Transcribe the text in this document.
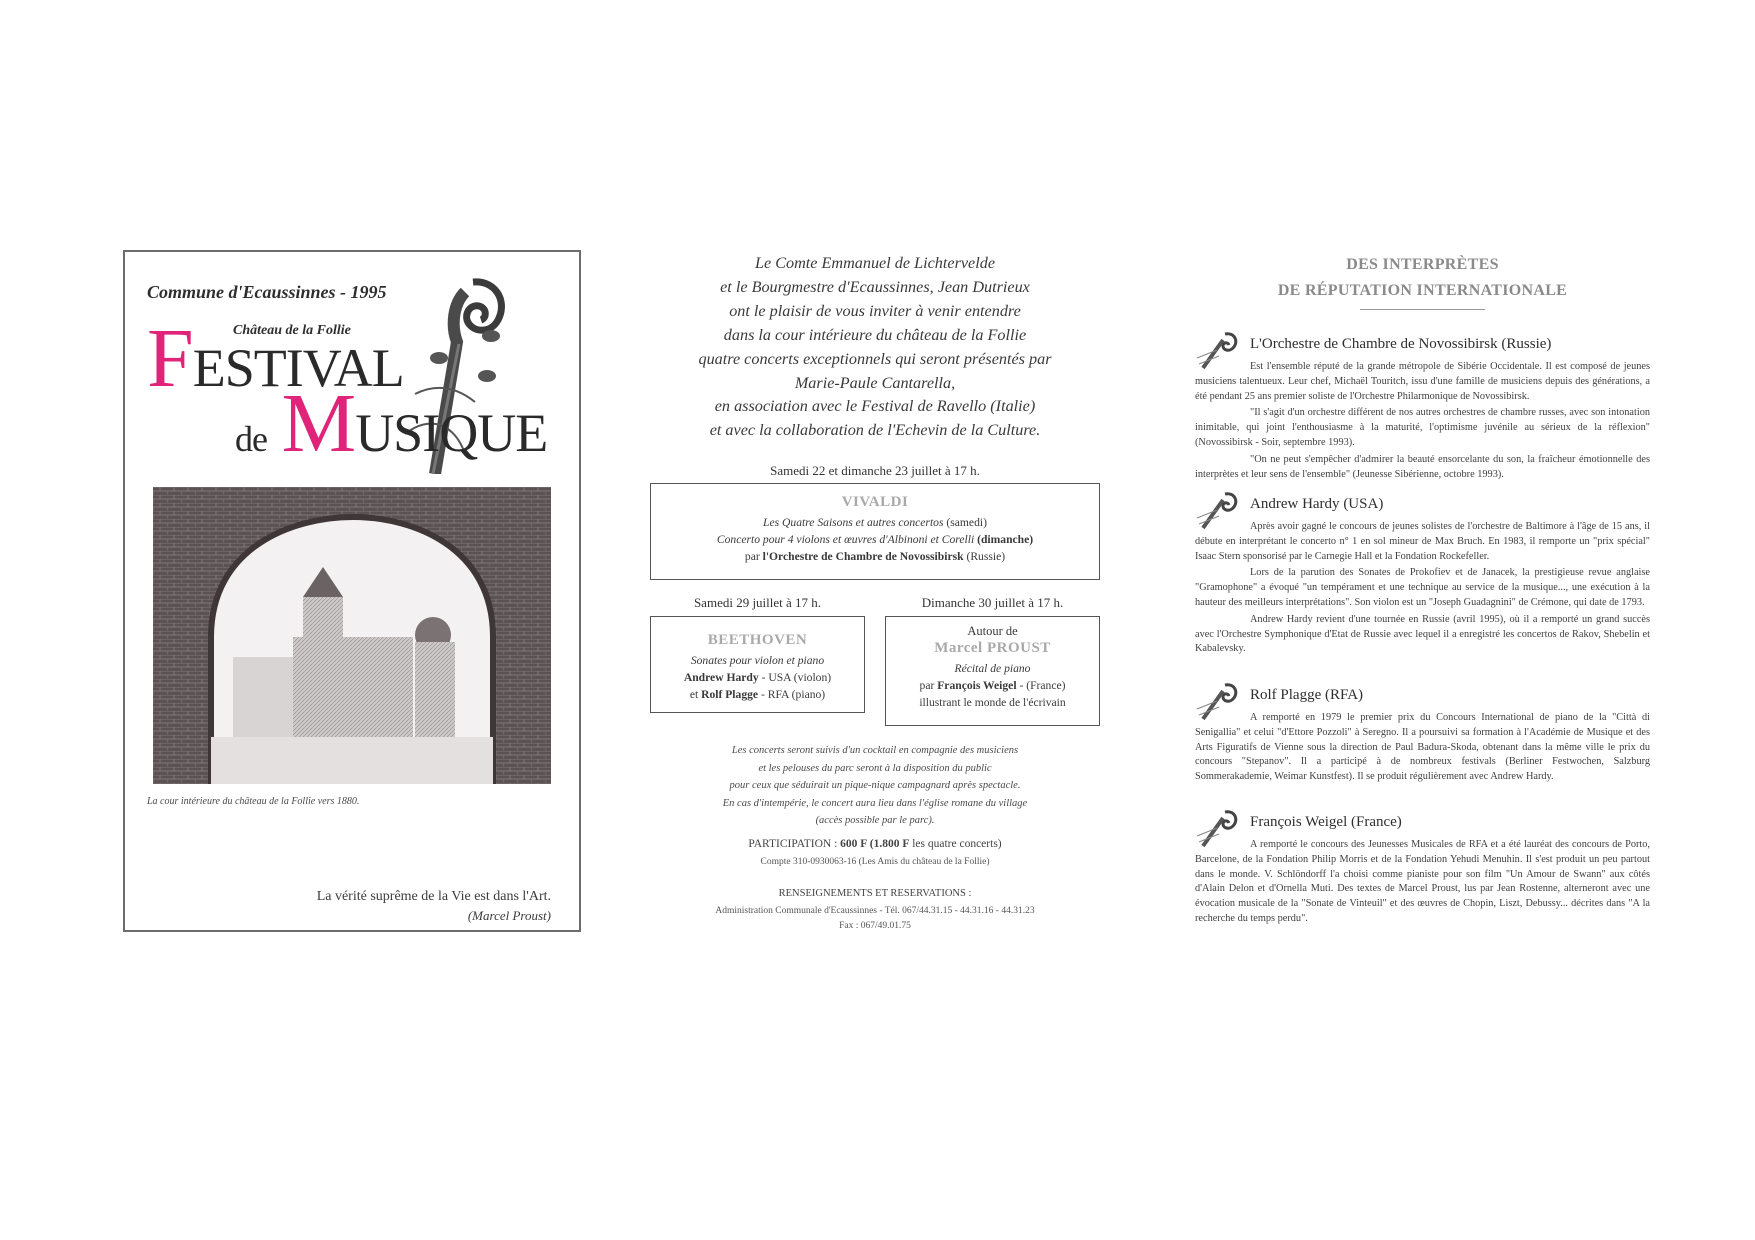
Commune d'Ecaussinnes - 1995
Château de la Follie
FESTIVAL
de MUSIQUE
La cour intérieure du château de la Follie vers 1880.
La vérité suprême de la Vie est dans l'Art.
(Marcel Proust)
Le Comte Emmanuel de Lichtervelde
et le Bourgmestre d'Ecaussinnes, Jean Dutrieux
ont le plaisir de vous inviter à venir entendre
dans la cour intérieure du château de la Follie
quatre concerts exceptionnels qui seront présentés par
Marie-Paule Cantarella,
en association avec le Festival de Ravello (Italie)
et avec la collaboration de l'Echevin de la Culture.
Samedi 22 et dimanche 23 juillet à 17 h.
VIVALDI
Les Quatre Saisons et autres concertos (samedi)
Concerto pour 4 violons et œuvres d'Albinoni et Corelli (dimanche)
par l'Orchestre de Chambre de Novossibirsk (Russie)
Samedi 29 juillet à 17 h.	Dimanche 30 juillet à 17 h.
BEETHOVEN
Sonates pour violon et piano
Andrew Hardy - USA (violon)
et Rolf Plagge - RFA (piano)
Autour de
Marcel PROUST
Récital de piano
par François Weigel - (France)
illustrant le monde de l'écrivain
Les concerts seront suivis d'un cocktail en compagnie des musiciens
et les pelouses du parc seront à la disposition du public
pour ceux que séduirait un pique-nique campagnard après spectacle.
En cas d'intempérie, le concert aura lieu dans l'église romane du village
(accès possible par le parc).
PARTICIPATION : 600 F (1.800 F les quatre concerts)
Compte 310-0930063-16 (Les Amis du château de la Follie)
RENSEIGNEMENTS ET RESERVATIONS :
Administration Communale d'Ecaussinnes - Tél. 067/44.31.15 - 44.31.16 - 44.31.23
Fax : 067/49.01.75
DES INTERPRÈTES
DE RÉPUTATION INTERNATIONALE
L'Orchestre de Chambre de Novossibirsk (Russie)

Est l'ensemble réputé de la grande métropole de Sibérie Occidentale. Il est composé de jeunes musiciens talentueux. Leur chef, Michaël Touritch, issu d'une famille de musiciens depuis des générations, a été pendant 25 ans premier soliste de l'Orchestre Philarmonique de Novossibirsk.

"Il s'agit d'un orchestre différent de nos autres orchestres de chambre russes, avec son intonation inimitable, qui joint l'enthousiasme à la maturité, l'optimisme juvénile au sérieux de la réflexion" (Novossibirsk - Soir, septembre 1993).

"On ne peut s'empêcher d'admirer la beauté ensorcelante du son, la fraîcheur émotionnelle des interprètes et leur sens de l'ensemble" (Jeunesse Sibérienne, octobre 1993).

Andrew Hardy (USA)

Après avoir gagné le concours de jeunes solistes de l'orchestre de Baltimore à l'âge de 15 ans, il débute en interprétant le concerto n° 1 en sol mineur de Max Bruch. En 1983, il remporte un "prix spécial" Isaac Stern sponsorisé par le Carnegie Hall et la Fondation Rockefeller.

Lors de la parution des Sonates de Prokofiev et de Janacek, la prestigieuse revue anglaise "Gramophone" a évoqué "un tempérament et une technique au service de la musique..., une exécution à la hauteur des meilleurs interprétations". Son violon est un "Joseph Guadagnini" de Crémone, qui date de 1793.

Andrew Hardy revient d'une tournée en Russie (avril 1995), où il a remporté un grand succès avec l'Orchestre Symphonique d'Etat de Russie avec lequel il a enregistré les concertos de Rakov, Shebelin et Kabalevsky.

Rolf Plagge (RFA)

A remporté en 1979 le premier prix du Concours International de piano de la "Città di Senigallia" et celui "d'Ettore Pozzoli" à Seregno. Il a poursuivi sa formation à l'Académie de Musique et des Arts Figuratifs de Vienne sous la direction de Paul Badura-Skoda, obtenant dans la même ville le prix du concours "Stepanov". Il a participé à de nombreux festivals (Berliner Festwochen, Salzburg Sommerakademie, Weimar Kunstfest). Il se produit régulièrement avec Andrew Hardy.

François Weigel (France)

A remporté le concours des Jeunesses Musicales de RFA et a été lauréat des concours de Porto, Barcelone, de la Fondation Philip Morris et de la Fondation Yehudi Menuhin. Il s'est produit un peu partout dans le monde. V. Schlöndorff l'a choisi comme pianiste pour son film "Un Amour de Swann" aux côtés d'Alain Delon et d'Ornella Muti. Des textes de Marcel Proust, lus par Jean Rostenne, alterneront avec une évocation musicale de la "Sonate de Vinteuil" et des œuvres de Chopin, Liszt, Debussy... décrites dans "A la recherche du temps perdu".
